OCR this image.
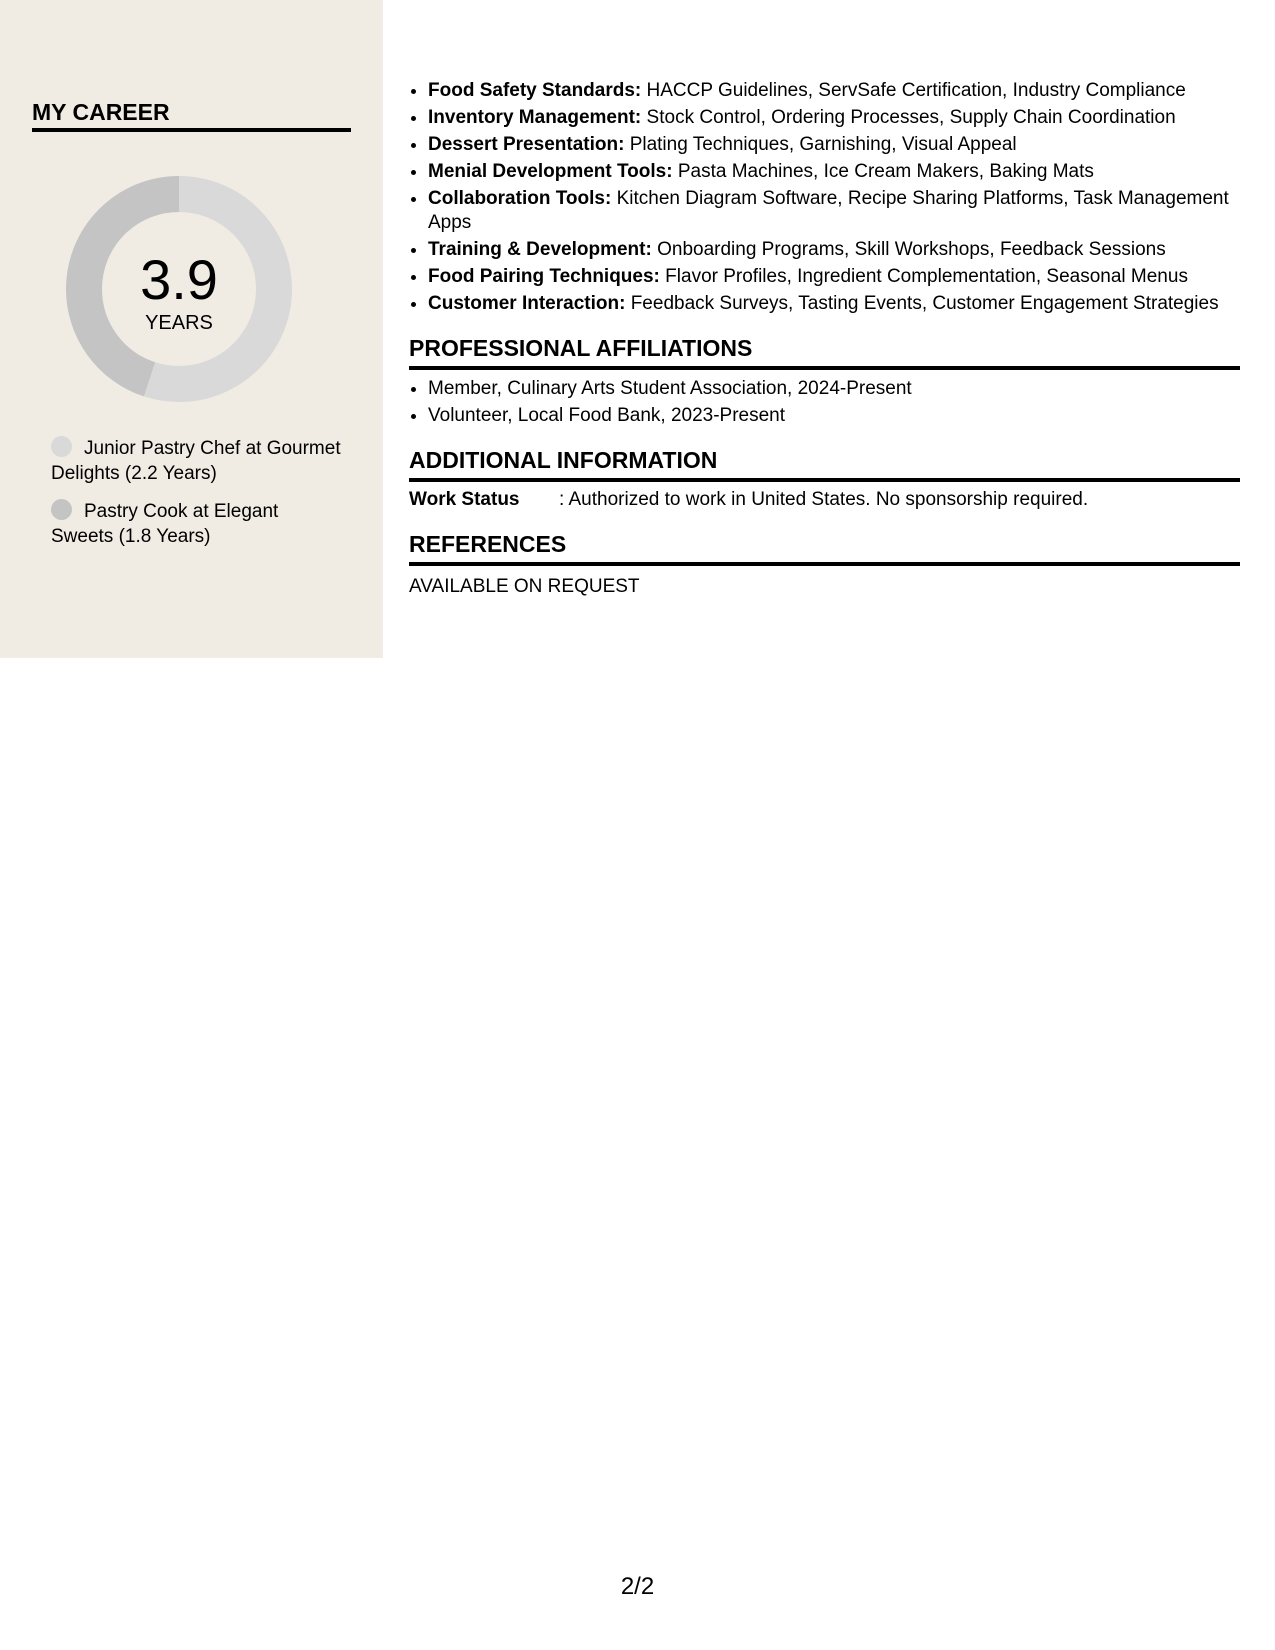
MY CAREER
3.9
YEARS
Junior Pastry Chef at Gourmet Delights (2.2 Years)
Pastry Cook at Elegant Sweets (1.8 Years)
• Food Safety Standards: HACCP Guidelines, ServSafe Certification, Industry Compliance
• Inventory Management: Stock Control, Ordering Processes, Supply Chain Coordination
• Dessert Presentation: Plating Techniques, Garnishing, Visual Appeal
• Menial Development Tools: Pasta Machines, Ice Cream Makers, Baking Mats
• Collaboration Tools: Kitchen Diagram Software, Recipe Sharing Platforms, Task Management Apps
• Training & Development: Onboarding Programs, Skill Workshops, Feedback Sessions
• Food Pairing Techniques: Flavor Profiles, Ingredient Complementation, Seasonal Menus
• Customer Interaction: Feedback Surveys, Tasting Events, Customer Engagement Strategies
PROFESSIONAL AFFILIATIONS
• Member, Culinary Arts Student Association, 2024-Present
• Volunteer, Local Food Bank, 2023-Present
ADDITIONAL INFORMATION
Work Status	: Authorized to work in United States. No sponsorship required.
REFERENCES
AVAILABLE ON REQUEST
2/2
